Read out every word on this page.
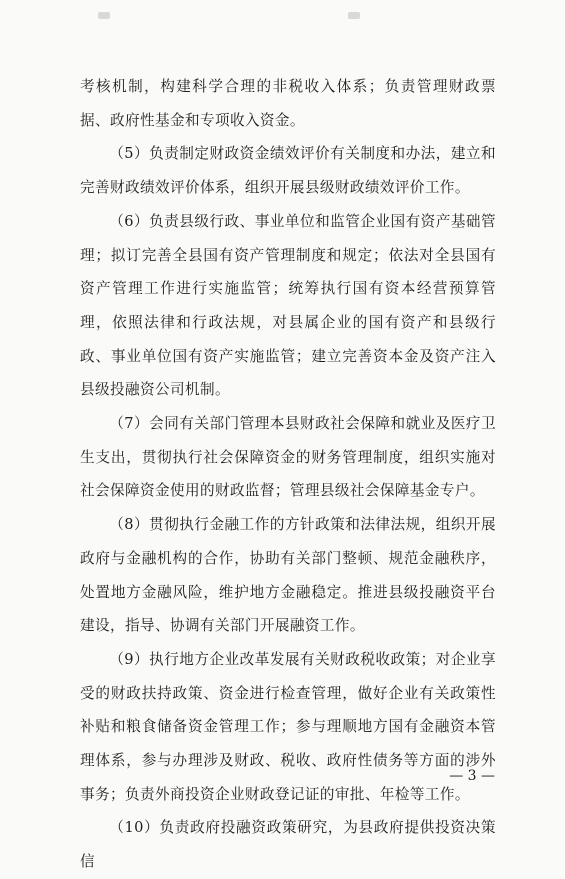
考核机制，构建科学合理的非税收入体系；负责管理财政票据、政府性基金和专项收入资金。

（5）负责制定财政资金绩效评价有关制度和办法，建立和完善财政绩效评价体系，组织开展县级财政绩效评价工作。

（6）负责县级行政、事业单位和监管企业国有资产基础管理；拟订完善全县国有资产管理制度和规定；依法对全县国有资产管理工作进行实施监管；统筹执行国有资本经营预算管理，依照法律和行政法规，对县属企业的国有资产和县级行政、事业单位国有资产实施监管；建立完善资本金及资产注入县级投融资公司机制。

（7）会同有关部门管理本县财政社会保障和就业及医疗卫生支出，贯彻执行社会保障资金的财务管理制度，组织实施对社会保障资金使用的财政监督；管理县级社会保障基金专户。

（8）贯彻执行金融工作的方针政策和法律法规，组织开展政府与金融机构的合作，协助有关部门整顿、规范金融秩序，处置地方金融风险，维护地方金融稳定。推进县级投融资平台建设，指导、协调有关部门开展融资工作。

（9）执行地方企业改革发展有关财政税收政策；对企业享受的财政扶持政策、资金进行检查管理，做好企业有关政策性补贴和粮食储备资金管理工作；参与理顺地方国有金融资本管理体系，参与办理涉及财政、税收、政府性债务等方面的涉外事务；负责外商投资企业财政登记证的审批、年检等工作。

（10）负责政府投融资政策研究，为县政府提供投资决策信

— 3 —
